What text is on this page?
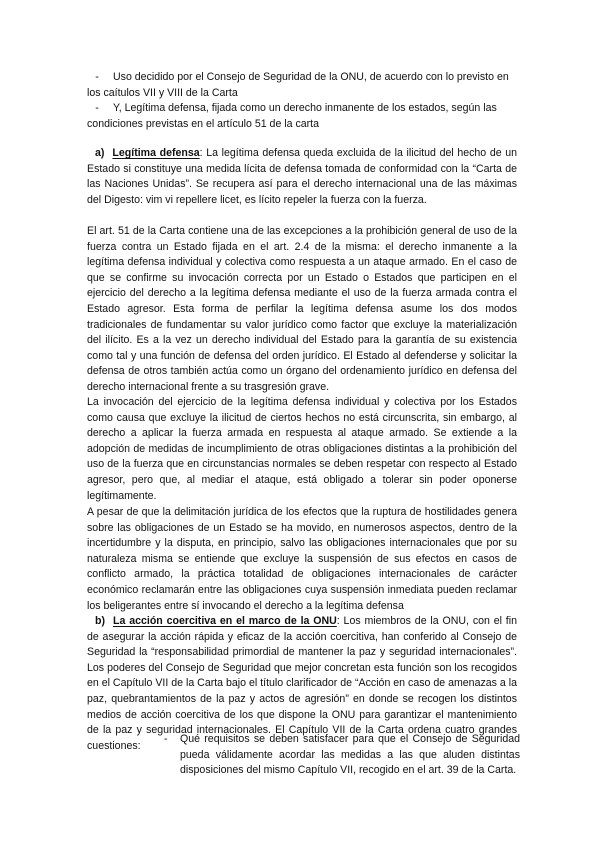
-	Uso decidido por el Consejo de Seguridad de la ONU, de acuerdo con lo previsto en los caítulos VII y VIII de la Carta

-	Y, Legítima defensa, fijada como un derecho inmanente de los estados, según las condiciones previstas en el artículo 51 de la carta

a) Legítima defensa: La legítima defensa queda excluida de la ilicitud del hecho de un Estado si constituye una medida lícita de defensa tomada de conformidad con la “Carta de las Naciones Unidas”. Se recupera así para el derecho internacional una de las máximas del Digesto: vim vi repellere licet, es lícito repeler la fuerza con la fuerza.

El art. 51 de la Carta contiene una de las excepciones a la prohibición general de uso de la fuerza contra un Estado fijada en el art. 2.4 de la misma: el derecho inmanente a la legítima defensa individual y colectiva como respuesta a un ataque armado. En el caso de que se confirme su invocación correcta por un Estado o Estados que participen en el ejercicio del derecho a la legítima defensa mediante el uso de la fuerza armada contra el Estado agresor. Esta forma de perfilar la legítima defensa asume los dos modos tradicionales de fundamentar su valor jurídico como factor que excluye la materialización del ilícito. Es a la vez un derecho individual del Estado para la garantía de su existencia como tal y una función de defensa del orden jurídico. El Estado al defenderse y solicitar la defensa de otros también actúa como un órgano del ordenamiento jurídico en defensa del derecho internacional frente a su trasgresión grave.

La invocación del ejercicio de la legítima defensa individual y colectiva por los Estados como causa que excluye la ilicitud de ciertos hechos no está circunscrita, sin embargo, al derecho a aplicar la fuerza armada en respuesta al ataque armado. Se extiende a la adopción de medidas de incumplimiento de otras obligaciones distintas a la prohibición del uso de la fuerza que en circunstancias normales se deben respetar con respecto al Estado agresor, pero que, al mediar el ataque, está obligado a tolerar sin poder oponerse legítimamente.

A pesar de que la delimitación jurídica de los efectos que la ruptura de hostilidades genera sobre las obligaciones de un Estado se ha movido, en numerosos aspectos, dentro de la incertidumbre y la disputa, en principio, salvo las obligaciones internacionales que por su naturaleza misma se entiende que excluye la suspensión de sus efectos en casos de conflicto armado, la práctica totalidad de obligaciones internacionales de carácter económico reclamarán entre las obligaciones cuya suspensión inmediata pueden reclamar los beligerantes entre sí invocando el derecho a la legítima defensa

b) La acción coercitiva en el marco de la ONU: Los miembros de la ONU, con el fin de asegurar la acción rápida y eficaz de la acción coercitiva, han conferido al Consejo de Seguridad la “responsabilidad primordial de mantener la paz y seguridad internacionales”. Los poderes del Consejo de Seguridad que mejor concretan esta función son los recogidos en el Capítulo VII de la Carta bajo el título clarificador de “Acción en caso de amenazas a la paz, quebrantamientos de la paz y actos de agresión” en donde se recogen los distintos medios de acción coercitiva de los que dispone la ONU para garantizar el mantenimiento de la paz y seguridad internacionales. El Capítulo VII de la Carta ordena cuatro grandes cuestiones:

- Qué requisitos se deben satisfacer para que el Consejo de Seguridad pueda válidamente acordar las medidas a las que aluden distintas disposiciones del mismo Capítulo VII, recogido en el art. 39 de la Carta.
